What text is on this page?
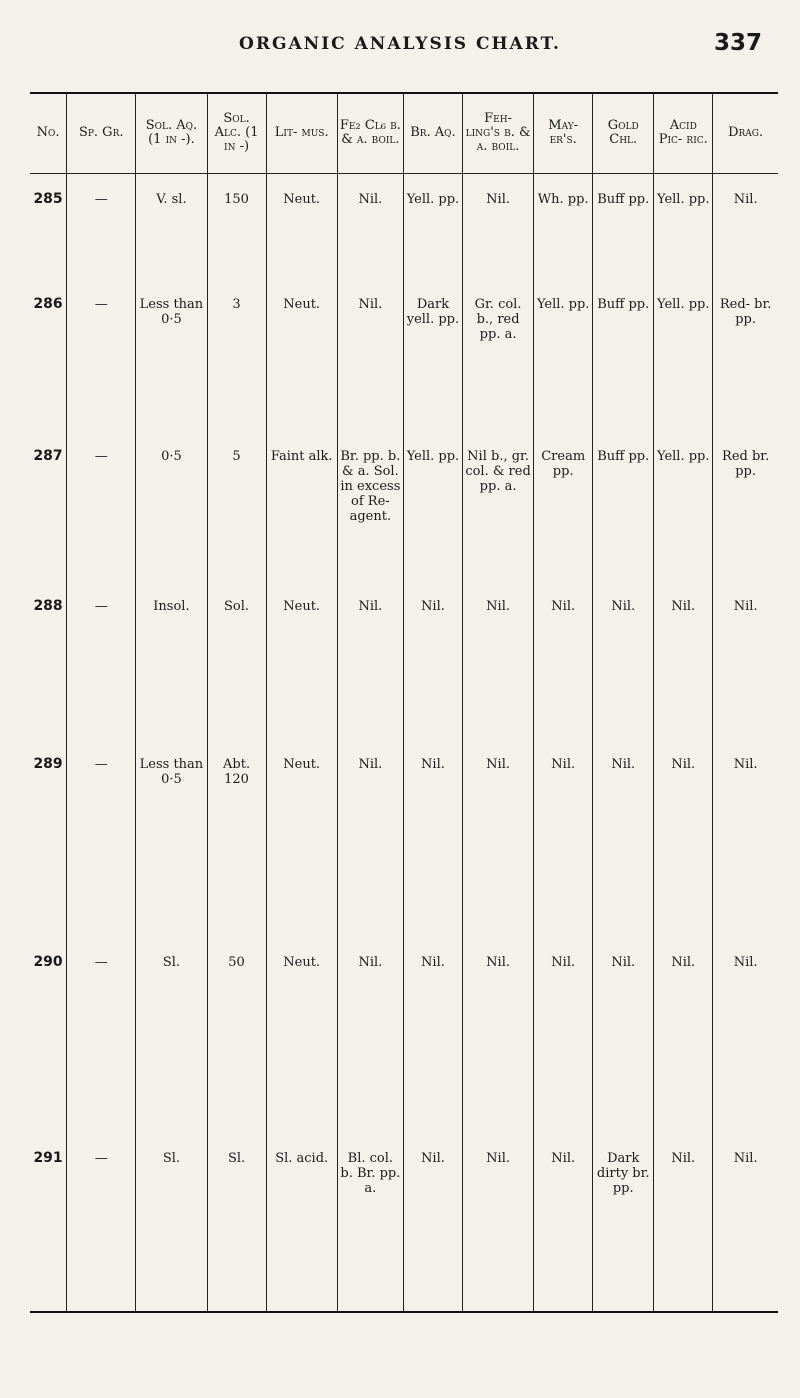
ORGANIC ANALYSIS CHART.	337
No.	Sp. Gr.	Sol. Aq. (1 in -).	Sol. Alc. (1 in -)	Lit- mus.	Fe₂ Cl₆ b. & a. boil.	Br. Aq.	Feh- ling's b. & a. boil.	May- er's.	Gold Chl.	Acid Pic- ric.	Drag.
285	—	V. sl.	150	Neut.	Nil.	Yell. pp.	Nil.	Wh. pp.	Buff pp.	Yell. pp.	Nil.
286	—	Less than 0·5	3	Neut.	Nil.	Dark yell. pp.	Gr. col. b., red pp. a.	Yell. pp.	Buff pp.	Yell. pp.	Red- br. pp.
287	—	0·5	5	Faint alk.	Br. pp. b. & a. Sol. in excess of Re- agent.	Yell. pp.	Nil b., gr. col. & red pp. a.	Cream pp.	Buff pp.	Yell. pp.	Red br. pp.
288	—	Insol.	Sol.	Neut.	Nil.	Nil.	Nil.	Nil.	Nil.	Nil.	Nil.
289	—	Less than 0·5	Abt. 120	Neut.	Nil.	Nil.	Nil.	Nil.	Nil.	Nil.	Nil.
290	—	Sl.	50	Neut.	Nil.	Nil.	Nil.	Nil.	Nil.	Nil.	Nil.
291	—	Sl.	Sl.	Sl. acid.	Bl. col. b. Br. pp. a.	Nil.	Nil.	Nil.	Dark dirty br. pp.	Nil.	Nil.
